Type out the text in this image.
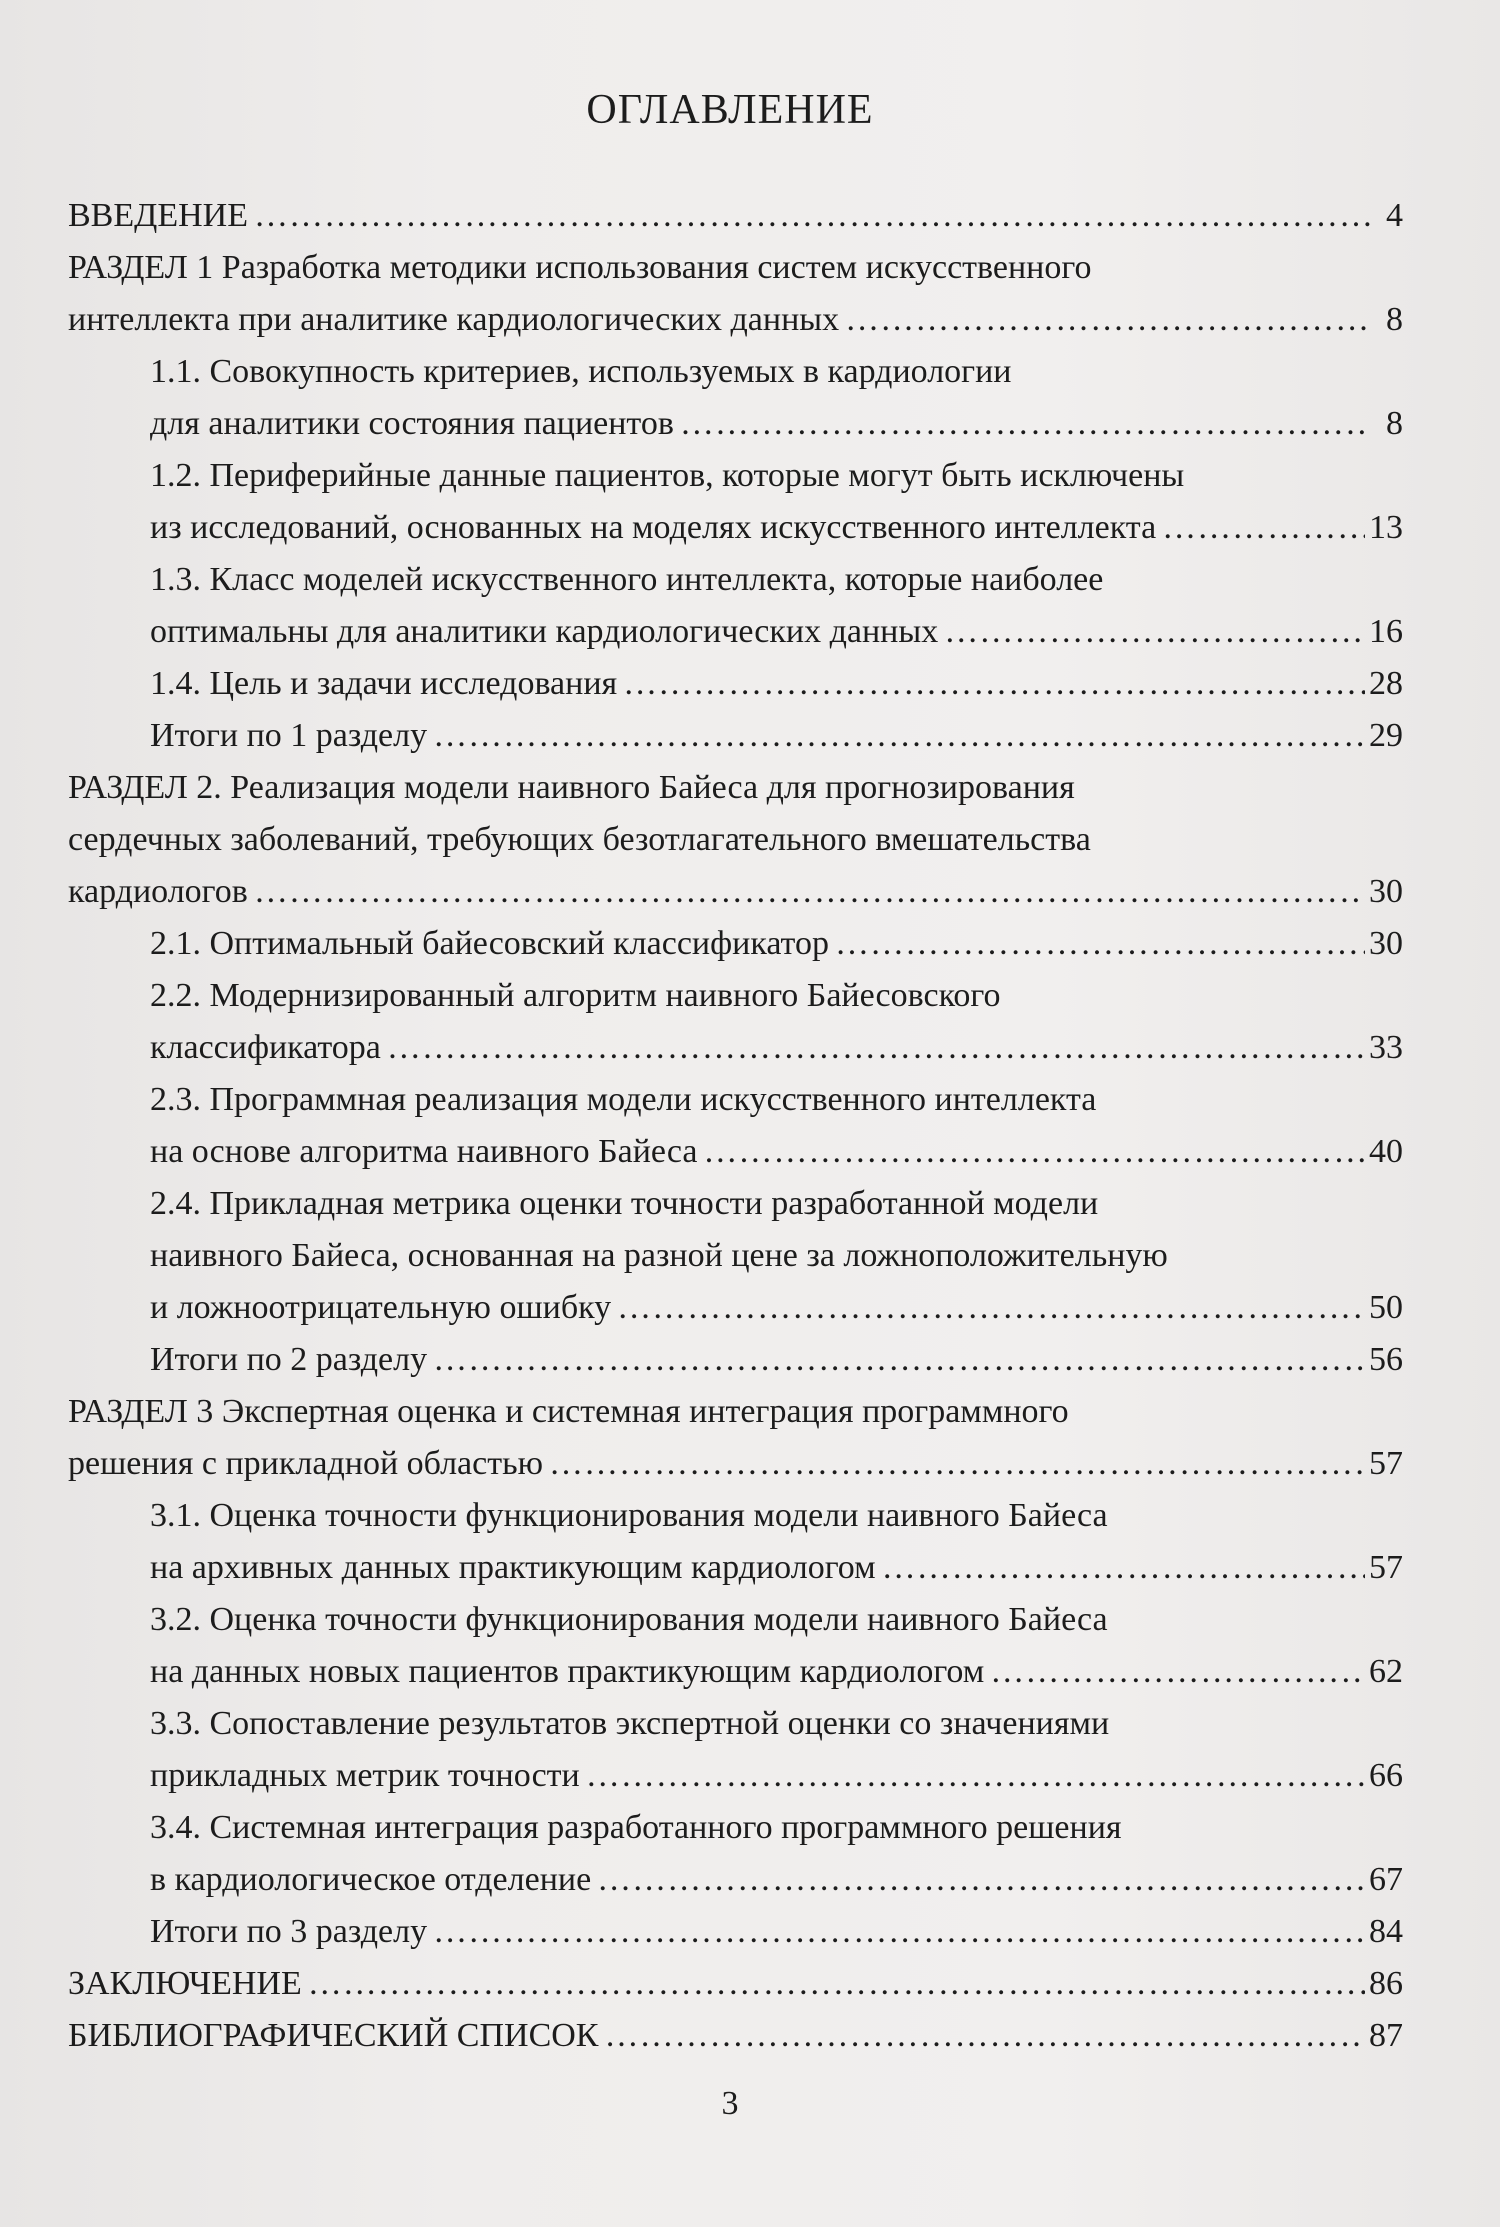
ОГЛАВЛЕНИЕ
ВВЕДЕНИЕ ………………………………………………………………………………………………………………………………………………………………………………………………………………………	4
РАЗДЕЛ 1 Разработка методики использования систем искусственного
интеллекта при аналитике кардиологических данных ………………………………………………………………………………………………………………………………………………………………………………………………………………………	8
1.1. Совокупность критериев, используемых в кардиологии
для аналитики состояния пациентов ………………………………………………………………………………………………………………………………………………………………………………………………………………………	8
1.2. Периферийные данные пациентов, которые могут быть исключены
из исследований, основанных на моделях искусственного интеллекта ………………………………………………………………………………………………………………………………………………………………………………………………………………………	13
1.3. Класс моделей искусственного интеллекта, которые наиболее
оптимальны для аналитики кардиологических данных ………………………………………………………………………………………………………………………………………………………………………………………………………………………	16
1.4. Цель и задачи исследования ………………………………………………………………………………………………………………………………………………………………………………………………………………………	28
Итоги по 1 разделу ………………………………………………………………………………………………………………………………………………………………………………………………………………………	29
РАЗДЕЛ 2. Реализация модели наивного Байеса для прогнозирования
сердечных заболеваний, требующих безотлагательного вмешательства
кардиологов ………………………………………………………………………………………………………………………………………………………………………………………………………………………	30
2.1. Оптимальный байесовский классификатор ………………………………………………………………………………………………………………………………………………………………………………………………………………………	30
2.2. Модернизированный алгоритм наивного Байесовского
классификатора ………………………………………………………………………………………………………………………………………………………………………………………………………………………	33
2.3. Программная реализация модели искусственного интеллекта
на основе алгоритма наивного Байеса ………………………………………………………………………………………………………………………………………………………………………………………………………………………	40
2.4. Прикладная метрика оценки точности разработанной модели
наивного Байеса, основанная на разной цене за ложноположительную
и ложноотрицательную ошибку ………………………………………………………………………………………………………………………………………………………………………………………………………………………	50
Итоги по 2 разделу ………………………………………………………………………………………………………………………………………………………………………………………………………………………	56
РАЗДЕЛ 3 Экспертная оценка и системная интеграция программного
решения с прикладной областью ………………………………………………………………………………………………………………………………………………………………………………………………………………………	57
3.1. Оценка точности функционирования модели наивного Байеса
на архивных данных практикующим кардиологом ………………………………………………………………………………………………………………………………………………………………………………………………………………………	57
3.2. Оценка точности функционирования модели наивного Байеса
на данных новых пациентов практикующим кардиологом ………………………………………………………………………………………………………………………………………………………………………………………………………………………	62
3.3. Сопоставление результатов экспертной оценки со значениями
прикладных метрик точности ………………………………………………………………………………………………………………………………………………………………………………………………………………………	66
3.4. Системная интеграция разработанного программного решения
в кардиологическое отделение ………………………………………………………………………………………………………………………………………………………………………………………………………………………	67
Итоги по 3 разделу ………………………………………………………………………………………………………………………………………………………………………………………………………………………	84
ЗАКЛЮЧЕНИЕ ………………………………………………………………………………………………………………………………………………………………………………………………………………………	86
БИБЛИОГРАФИЧЕСКИЙ СПИСОК ………………………………………………………………………………………………………………………………………………………………………………………………………………………	87
3
